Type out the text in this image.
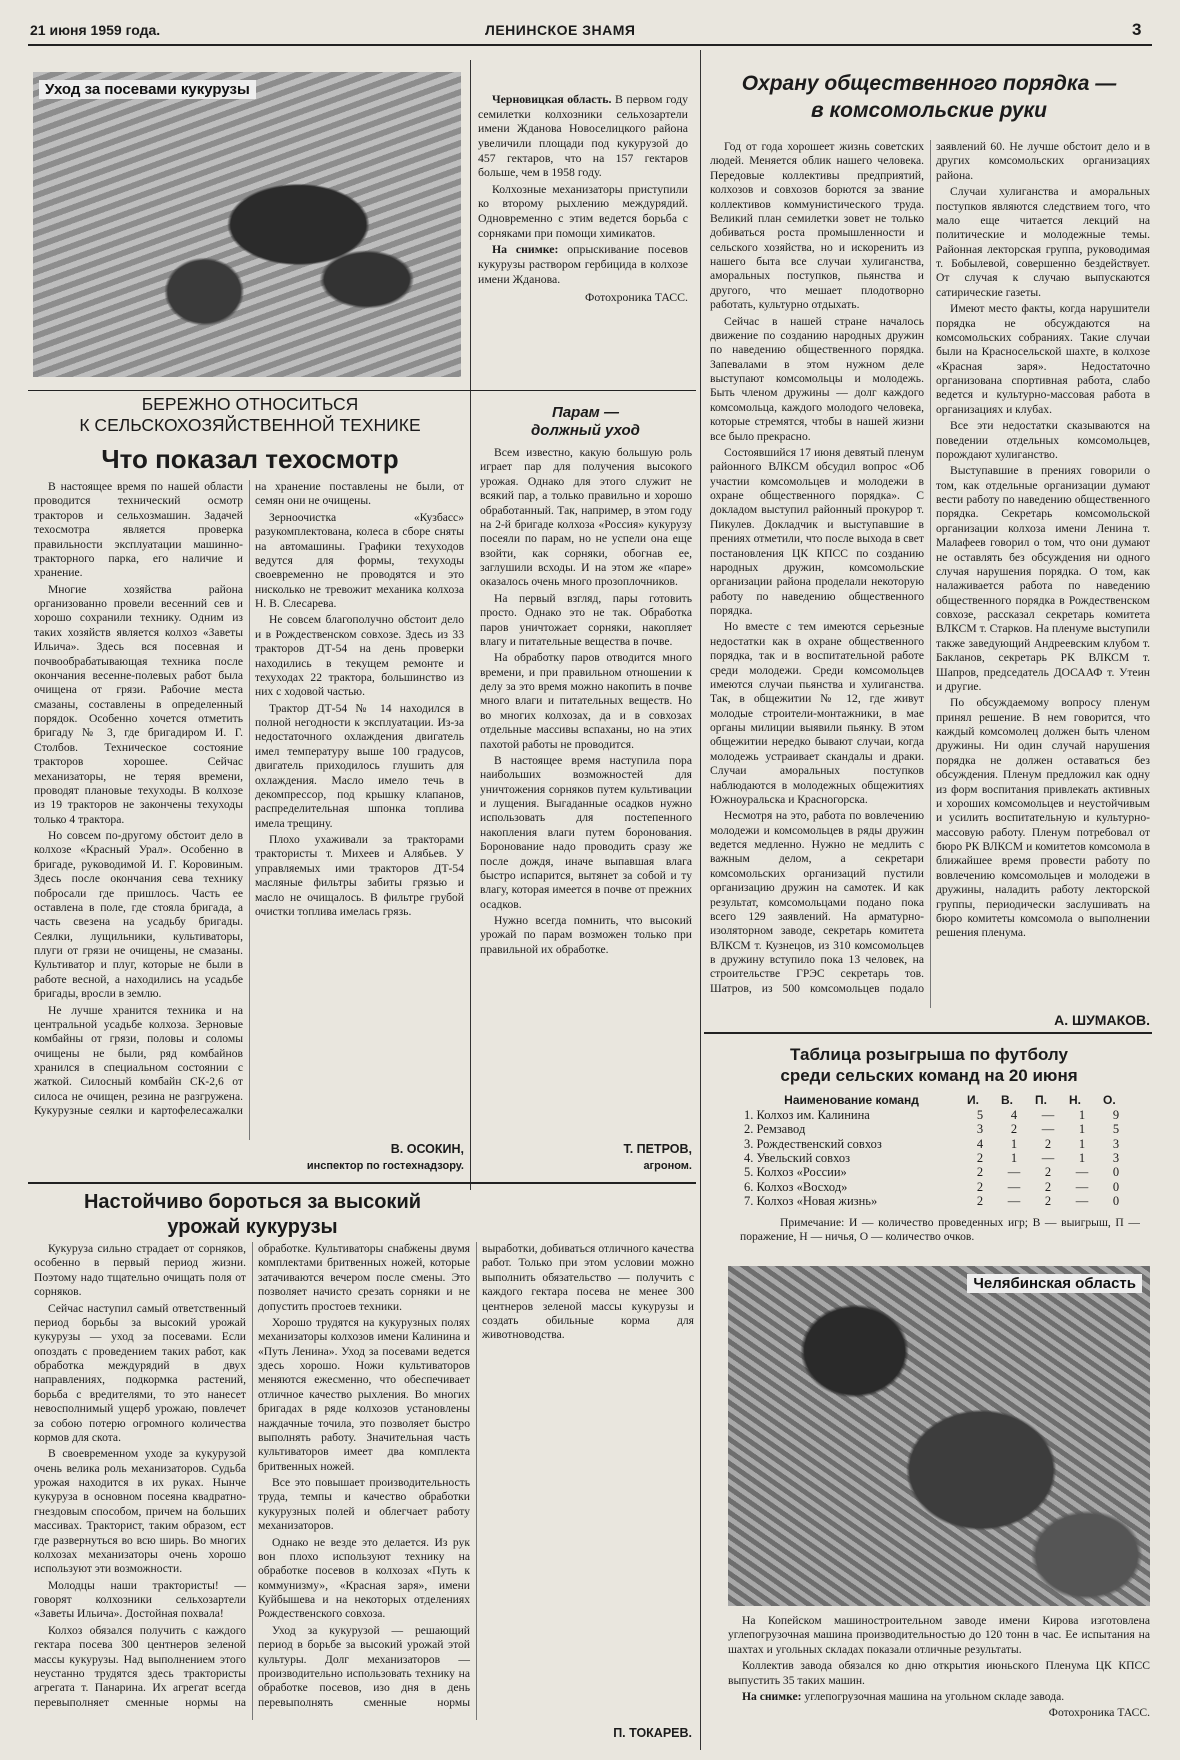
21 июня 1959 года.	ЛЕНИНСКОЕ ЗНАМЯ	3
Уход за посевами кукурузы

Черновицкая область. В первом году семилетки колхозники сельхозартели имени Жданова Новоселицкого района увеличили площади под кукурузой до 457 гектаров, что на 157 гектаров больше, чем в 1958 году.

Колхозные механизаторы приступили ко второму рыхлению междурядий. Одновременно с этим ведется борьба с сорняками при помощи химикатов.

На снимке: опрыскивание посевов кукурузы раствором гербицида в колхозе имени Жданова.

Фотохроника ТАСС.
БЕРЕЖНО ОТНОСИТЬСЯ
К СЕЛЬСКОХОЗЯЙСТВЕННОЙ ТЕХНИКЕ
Что показал техосмотр

В настоящее время по нашей области проводится технический осмотр тракторов и сельхозмашин. Задачей техосмотра является проверка правильности эксплуатации машинно-тракторного парка, его наличие и хранение.

Многие хозяйства района организованно провели весенний сев и хорошо сохранили технику. Одним из таких хозяйств является колхоз «Заветы Ильича». Здесь вся посевная и почвообрабатывающая техника после окончания весенне-полевых работ была очищена от грязи. Рабочие места смазаны, составлены в определенный порядок. Особенно хочется отметить бригаду № 3, где бригадиром И. Г. Столбов. Техническое состояние тракторов хорошее. Сейчас механизаторы, не теряя времени, проводят плановые техуходы. В колхозе из 19 тракторов не закончены техуходы только 4 трактора.

Но совсем по-другому обстоит дело в колхозе «Красный Урал». Особенно в бригаде, руководимой И. Г. Коровиным. Здесь после окончания сева технику побросали где пришлось. Часть ее оставлена в поле, где стояла бригада, а часть свезена на усадьбу бригады. Сеялки, лущильники, культиваторы, плуги от грязи не очищены, не смазаны. Культиватор и плуг, которые не были в работе весной, а находились на усадьбе бригады, вросли в землю.

Не лучше хранится техника и на центральной усадьбе колхоза. Зерновые комбайны от грязи, половы и соломы очищены не были, ряд комбайнов хранился в специальном состоянии с жаткой. Силосный комбайн СК-2,6 от силоса не очищен, резина не разгружена. Кукурузные сеялки и картофелесажалки на хранение поставлены не были, от семян они не очищены.

Зерноочистка «Кузбасс» разукомплектована, колеса в сборе сняты на автомашины. Графики техуходов ведутся для формы, техуходы своевременно не проводятся и это нисколько не тревожит механика колхоза Н. В. Слесарева.

Не совсем благополучно обстоит дело и в Рождественском совхозе. Здесь из 33 тракторов ДТ-54 на день проверки находились в текущем ремонте и техуходах 22 трактора, большинство из них с ходовой частью.

Трактор ДТ-54 № 14 находился в полной негодности к эксплуатации. Из-за недостаточного охлаждения двигатель имел температуру выше 100 градусов, двигатель приходилось глушить для охлаждения. Масло имело течь в декомпрессор, под крышку клапанов, распределительная шпонка топлива имела трещину.

Плохо ухаживали за тракторами трактористы т. Михеев и Алябьев. У управляемых ими тракторов ДТ-54 масляные фильтры забиты грязью и масло не очищалось. В фильтре грубой очистки топлива имелась грязь.

В. ОСОКИН,
инспектор по гостехнадзору.
Парам —
должный уход

Всем известно, какую большую роль играет пар для получения высокого урожая. Однако для этого служит не всякий пар, а только правильно и хорошо обработанный. Так, например, в этом году на 2-й бригаде колхоза «Россия» кукурузу посеяли по парам, но не успели она еще взойти, как сорняки, обогнав ее, заглушили всходы. И на этом же «паре» оказалось очень много прозоплочников.

На первый взгляд, пары готовить просто. Однако это не так. Обработка паров уничтожает сорняки, накопляет влагу и питательные вещества в почве.

На обработку паров отводится много времени, и при правильном отношении к делу за это время можно накопить в почве много влаги и питательных веществ. Но во многих колхозах, да и в совхозах отдельные массивы вспаханы, но на этих пахотой работы не проводится.

В настоящее время наступила пора наибольших возможностей для уничтожения сорняков путем культивации и лущения. Выгаданные осадков нужно использовать для постепенного накопления влаги путем боронования. Боронование надо проводить сразу же после дождя, иначе выпавшая влага быстро испарится, вытянет за собой и ту влагу, которая имеется в почве от прежних осадков.

Нужно всегда помнить, что высокий урожай по парам возможен только при правильной их обработке.

Т. ПЕТРОВ,
агроном.
Настойчиво бороться за высокий
урожай кукурузы

Кукуруза сильно страдает от сорняков, особенно в первый период жизни. Поэтому надо тщательно очищать поля от сорняков.

Сейчас наступил самый ответственный период борьбы за высокий урожай кукурузы — уход за посевами. Если опоздать с проведением таких работ, как обработка междурядий в двух направлениях, подкормка растений, борьба с вредителями, то это нанесет невосполнимый ущерб урожаю, повлечет за собою потерю огромного количества кормов для скота.

В своевременном уходе за кукурузой очень велика роль механизаторов. Судьба урожая находится в их руках. Нынче кукуруза в основном посеяна квадратно-гнездовым способом, причем на больших массивах. Тракторист, таким образом, ест где развернуться во всю ширь. Во многих колхозах механизаторы очень хорошо используют эти возможности.

Молодцы наши трактористы! — говорят колхозники сельхозартели «Заветы Ильича». Достойная похвала!

Колхоз обязался получить с каждого гектара посева 300 центнеров зеленой массы кукурузы. Над выполнением этого неустанно трудятся здесь трактористы агрегата т. Панарина. Их агрегат всегда перевыполняет сменные нормы на обработке. Культиваторы снабжены двумя комплектами бритвенных ножей, которые затачиваются вечером после смены. Это позволяет начисто срезать сорняки и не допустить простоев техники.

Хорошо трудятся на кукурузных полях механизаторы колхозов имени Калинина и «Путь Ленина». Уход за посевами ведется здесь хорошо. Ножи культиваторов меняются ежесменно, что обеспечивает отличное качество рыхления. Во многих бригадах в ряде колхозов установлены наждачные точила, это позволяет быстро выполнять работу. Значительная часть культиваторов имеет два комплекта бритвенных ножей.

Все это повышает производительность труда, темпы и качество обработки кукурузных полей и облегчает работу механизаторов.

Однако не везде это делается. Из рук вон плохо используют технику на обработке посевов в колхозах «Путь к коммунизму», «Красная заря», имени Куйбышева и на некоторых отделениях Рождественского совхоза.

Уход за кукурузой — решающий период в борьбе за высокий урожай этой культуры. Долг механизаторов — производительно использовать технику на обработке посевов, изо дня в день перевыполнять сменные нормы выработки, добиваться отличного качества работ. Только при этом условии можно выполнить обязательство — получить с каждого гектара посева не менее 300 центнеров зеленой массы кукурузы и создать обильные корма для животноводства.

П. ТОКАРЕВ.
Охрану общественного порядка —
в комсомольские руки

Год от года хорошеет жизнь советских людей. Меняется облик нашего человека. Передовые коллективы предприятий, колхозов и совхозов борются за звание коллективов коммунистического труда. Великий план семилетки зовет не только добиваться роста промышленности и сельского хозяйства, но и искоренить из нашего быта все случаи хулиганства, аморальных поступков, пьянства и другого, что мешает плодотворно работать, культурно отдыхать.

Сейчас в нашей стране началось движение по созданию народных дружин по наведению общественного порядка. Запевалами в этом нужном деле выступают комсомольцы и молодежь. Быть членом дружины — долг каждого комсомольца, каждого молодого человека, которые стремятся, чтобы в нашей жизни все было прекрасно.

Состоявшийся 17 июня девятый пленум районного ВЛКСМ обсудил вопрос «Об участии комсомольцев и молодежи в охране общественного порядка». С докладом выступил районный прокурор т. Пикулев. Докладчик и выступавшие в прениях отметили, что после выхода в свет постановления ЦК КПСС по созданию народных дружин, комсомольские организации района проделали некоторую работу по наведению общественного порядка.

Но вместе с тем имеются серьезные недостатки как в охране общественного порядка, так и в воспитательной работе среди молодежи. Среди комсомольцев имеются случаи пьянства и хулиганства. Так, в общежитии № 12, где живут молодые строители-монтажники, в мае органы милиции выявили пьянку. В этом общежитии нередко бывают случаи, когда молодежь устраивает скандалы и драки. Случаи аморальных поступков наблюдаются в молодежных общежитиях Южноуральска и Красногорска.

Несмотря на это, работа по вовлечению молодежи и комсомольцев в ряды дружин ведется медленно. Нужно не медлить с важным делом, а секретари комсомольских организаций пустили организацию дружин на самотек. И как результат, комсомольцами подано пока всего 129 заявлений. На арматурно-изоляторном заводе, секретарь комитета ВЛКСМ т. Кузнецов, из 310 комсомольцев в дружину вступило пока 13 человек, на строительстве ГРЭС секретарь тов. Шатров, из 500 комсомольцев подало заявлений 60. Не лучше обстоит дело и в других комсомольских организациях района.

Случаи хулиганства и аморальных поступков являются следствием того, что мало еще читается лекций на политические и молодежные темы. Районная лекторская группа, руководимая т. Бобылевой, совершенно бездействует. От случая к случаю выпускаются сатирические газеты.

Имеют место факты, когда нарушители порядка не обсуждаются на комсомольских собраниях. Такие случаи были на Красносельской шахте, в колхозе «Красная заря». Недостаточно организована спортивная работа, слабо ведется и культурно-массовая работа в организациях и клубах.

Все эти недостатки сказываются на поведении отдельных комсомольцев, порождают хулиганство.

Выступавшие в прениях говорили о том, как отдельные организации думают вести работу по наведению общественного порядка. Секретарь комсомольской организации колхоза имени Ленина т. Малафеев говорил о том, что они думают не оставлять без обсуждения ни одного случая нарушения порядка. О том, как налаживается работа по наведению общественного порядка в Рождественском совхозе, рассказал секретарь комитета ВЛКСМ т. Старков. На пленуме выступили также заведующий Андреевским клубом т. Бакланов, секретарь РК ВЛКСМ т. Шапров, председатель ДОСААФ т. Утеин и другие.

По обсуждаемому вопросу пленум принял решение. В нем говорится, что каждый комсомолец должен быть членом дружины. Ни один случай нарушения порядка не должен оставаться без обсуждения. Пленум предложил как одну из форм воспитания привлекать активных и хороших комсомольцев и неустойчивым и усилить воспитательную и культурно-массовую работу. Пленум потребовал от бюро РК ВЛКСМ и комитетов комсомола в ближайшее время провести работу по вовлечению комсомольцев и молодежи в дружины, наладить работу лекторской группы, периодически заслушивать на бюро комитеты комсомола о выполнении решения пленума.

А. ШУМАКОВ.
Таблица розыгрыша по футболу
среди сельских команд на 20 июня
Наименование команд	И.	В.	П.	Н.	О.
1. Колхоз им. Калинина	5	4	—	1	9
2. Ремзавод	3	2	—	1	5
3. Рождественский совхоз	4	1	2	1	3
4. Увельский совхоз	2	1	—	1	3
5. Колхоз «России»	2	—	2	—	0
6. Колхоз «Восход»	2	—	2	—	0
7. Колхоз «Новая жизнь»	2	—	2	—	0
Примечание: И — количество проведенных игр; В — выигрыш, П — поражение, Н — ничья, О — количество очков.
Челябинская область

На Копейском машиностроительном заводе имени Кирова изготовлена углепогрузочная машина производительностью до 120 тонн в час. Ее испытания на шахтах и угольных складах показали отличные результаты.

Коллектив завода обязался ко дню открытия июньского Пленума ЦК КПСС выпустить 35 таких машин.

На снимке: углепогрузочная машина на угольном складе завода.

Фотохроника ТАСС.
